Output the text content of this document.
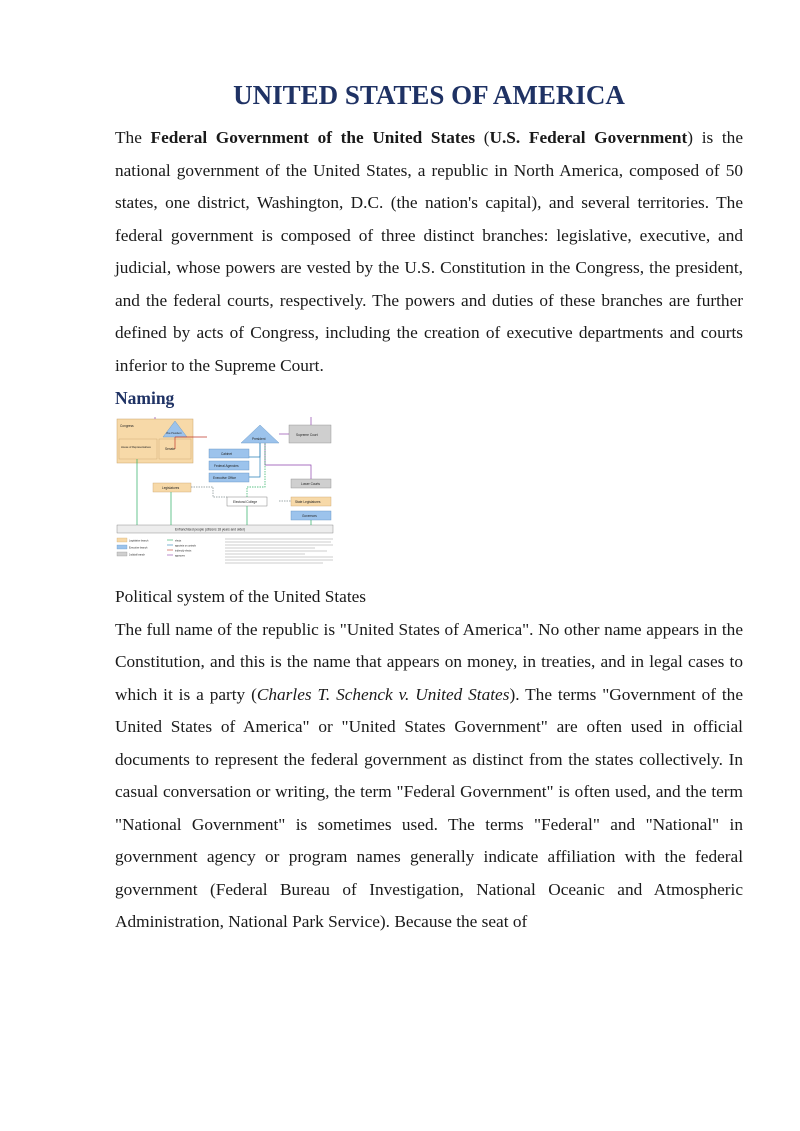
UNITED STATES OF AMERICA

The Federal Government of the United States (U.S. Federal Government) is the national government of the United States, a republic in North America, composed of 50 states, one district, Washington, D.C. (the nation's capital), and several territories. The federal government is composed of three distinct branches: legislative, executive, and judicial, whose powers are vested by the U.S. Constitution in the Congress, the president, and the federal courts, respectively. The powers and duties of these branches are further defined by acts of Congress, including the creation of executive departments and courts inferior to the Supreme Court.

Naming
Congress
House of Representatives	Senate
Vice President
President
Supreme Court
Cabinet
Federal Agencies
Executive Office
Legislatures
Lower Courts
Electoral College	State Legislatures
Governors
Enfranchised people (citizens 18 years and older)
Legislative branch
Executive branch
Judicial branch
elects
appoints or controls
indirectly elects
approves
Political system of the United States

The full name of the republic is "United States of America". No other name appears in the Constitution, and this is the name that appears on money, in treaties, and in legal cases to which it is a party (Charles T. Schenck v. United States). The terms "Government of the United States of America" or "United States Government" are often used in official documents to represent the federal government as distinct from the states collectively. In casual conversation or writing, the term "Federal Government" is often used, and the term "National Government" is sometimes used. The terms "Federal" and "National" in government agency or program names generally indicate affiliation with the federal government (Federal Bureau of Investigation, National Oceanic and Atmospheric Administration, National Park Service). Because the seat of
